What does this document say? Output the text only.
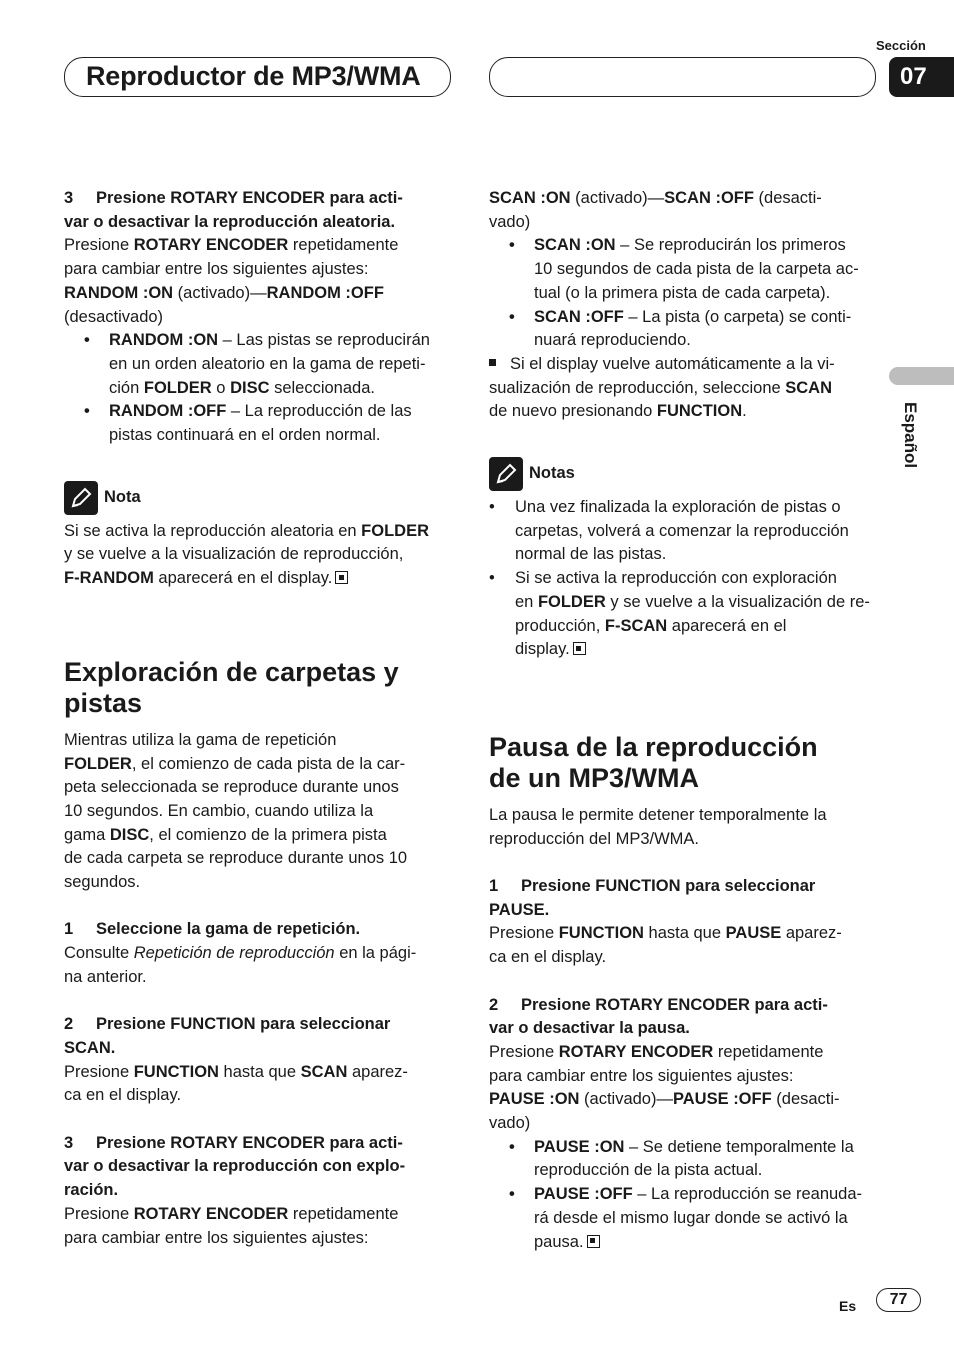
Reproductor de MP3/WMA
Sección
07
Español

3 Presione ROTARY ENCODER para acti-

var o desactivar la reproducción aleatoria.

Presione ROTARY ENCODER repetidamente

para cambiar entre los siguientes ajustes:

RANDOM :ON (activado)—RANDOM :OFF

(desactivado)

• RANDOM :ON – Las pistas se reproducirán
en un orden aleatorio en la gama de repeti-
ción FOLDER o DISC seleccionada.
• RANDOM :OFF – La reproducción de las
pistas continuará en el orden normal.
Nota

Si se activa la reproducción aleatoria en FOLDER

y se vuelve a la visualización de reproducción,

F-RANDOM aparecerá en el display.

Exploración de carpetas y
pistas

Mientras utiliza la gama de repetición

FOLDER, el comienzo de cada pista de la car-

peta seleccionada se reproduce durante unos

10 segundos. En cambio, cuando utiliza la

gama DISC, el comienzo de la primera pista

de cada carpeta se reproduce durante unos 10

segundos.

1 Seleccione la gama de repetición.

Consulte Repetición de reproducción en la pági-

na anterior.

2 Presione FUNCTION para seleccionar

SCAN.

Presione FUNCTION hasta que SCAN aparez-

ca en el display.

3 Presione ROTARY ENCODER para acti-

var o desactivar la reproducción con explo-

ración.

Presione ROTARY ENCODER repetidamente

para cambiar entre los siguientes ajustes:

SCAN :ON (activado)—SCAN :OFF (desacti-

vado)

• SCAN :ON – Se reproducirán los primeros
10 segundos de cada pista de la carpeta ac-
tual (o la primera pista de cada carpeta).
• SCAN :OFF – La pista (o carpeta) se conti-
nuará reproduciendo.

Si el display vuelve automáticamente a la vi-

sualización de reproducción, seleccione SCAN

de nuevo presionando FUNCTION.

Notas
• Una vez finalizada la exploración de pistas o
carpetas, volverá a comenzar la reproducción
normal de las pistas.
• Si se activa la reproducción con exploración
en FOLDER y se vuelve a la visualización de re-
producción, F-SCAN aparecerá en el
display.

Pausa de la reproducción
de un MP3/WMA

La pausa le permite detener temporalmente la

reproducción del MP3/WMA.

1 Presione FUNCTION para seleccionar

PAUSE.

Presione FUNCTION hasta que PAUSE aparez-

ca en el display.

2 Presione ROTARY ENCODER para acti-

var o desactivar la pausa.

Presione ROTARY ENCODER repetidamente

para cambiar entre los siguientes ajustes:

PAUSE :ON (activado)—PAUSE :OFF (desacti-

vado)

• PAUSE :ON – Se detiene temporalmente la
reproducción de la pista actual.
• PAUSE :OFF – La reproducción se reanuda-
rá desde el mismo lugar donde se activó la
pausa.
Es	77
